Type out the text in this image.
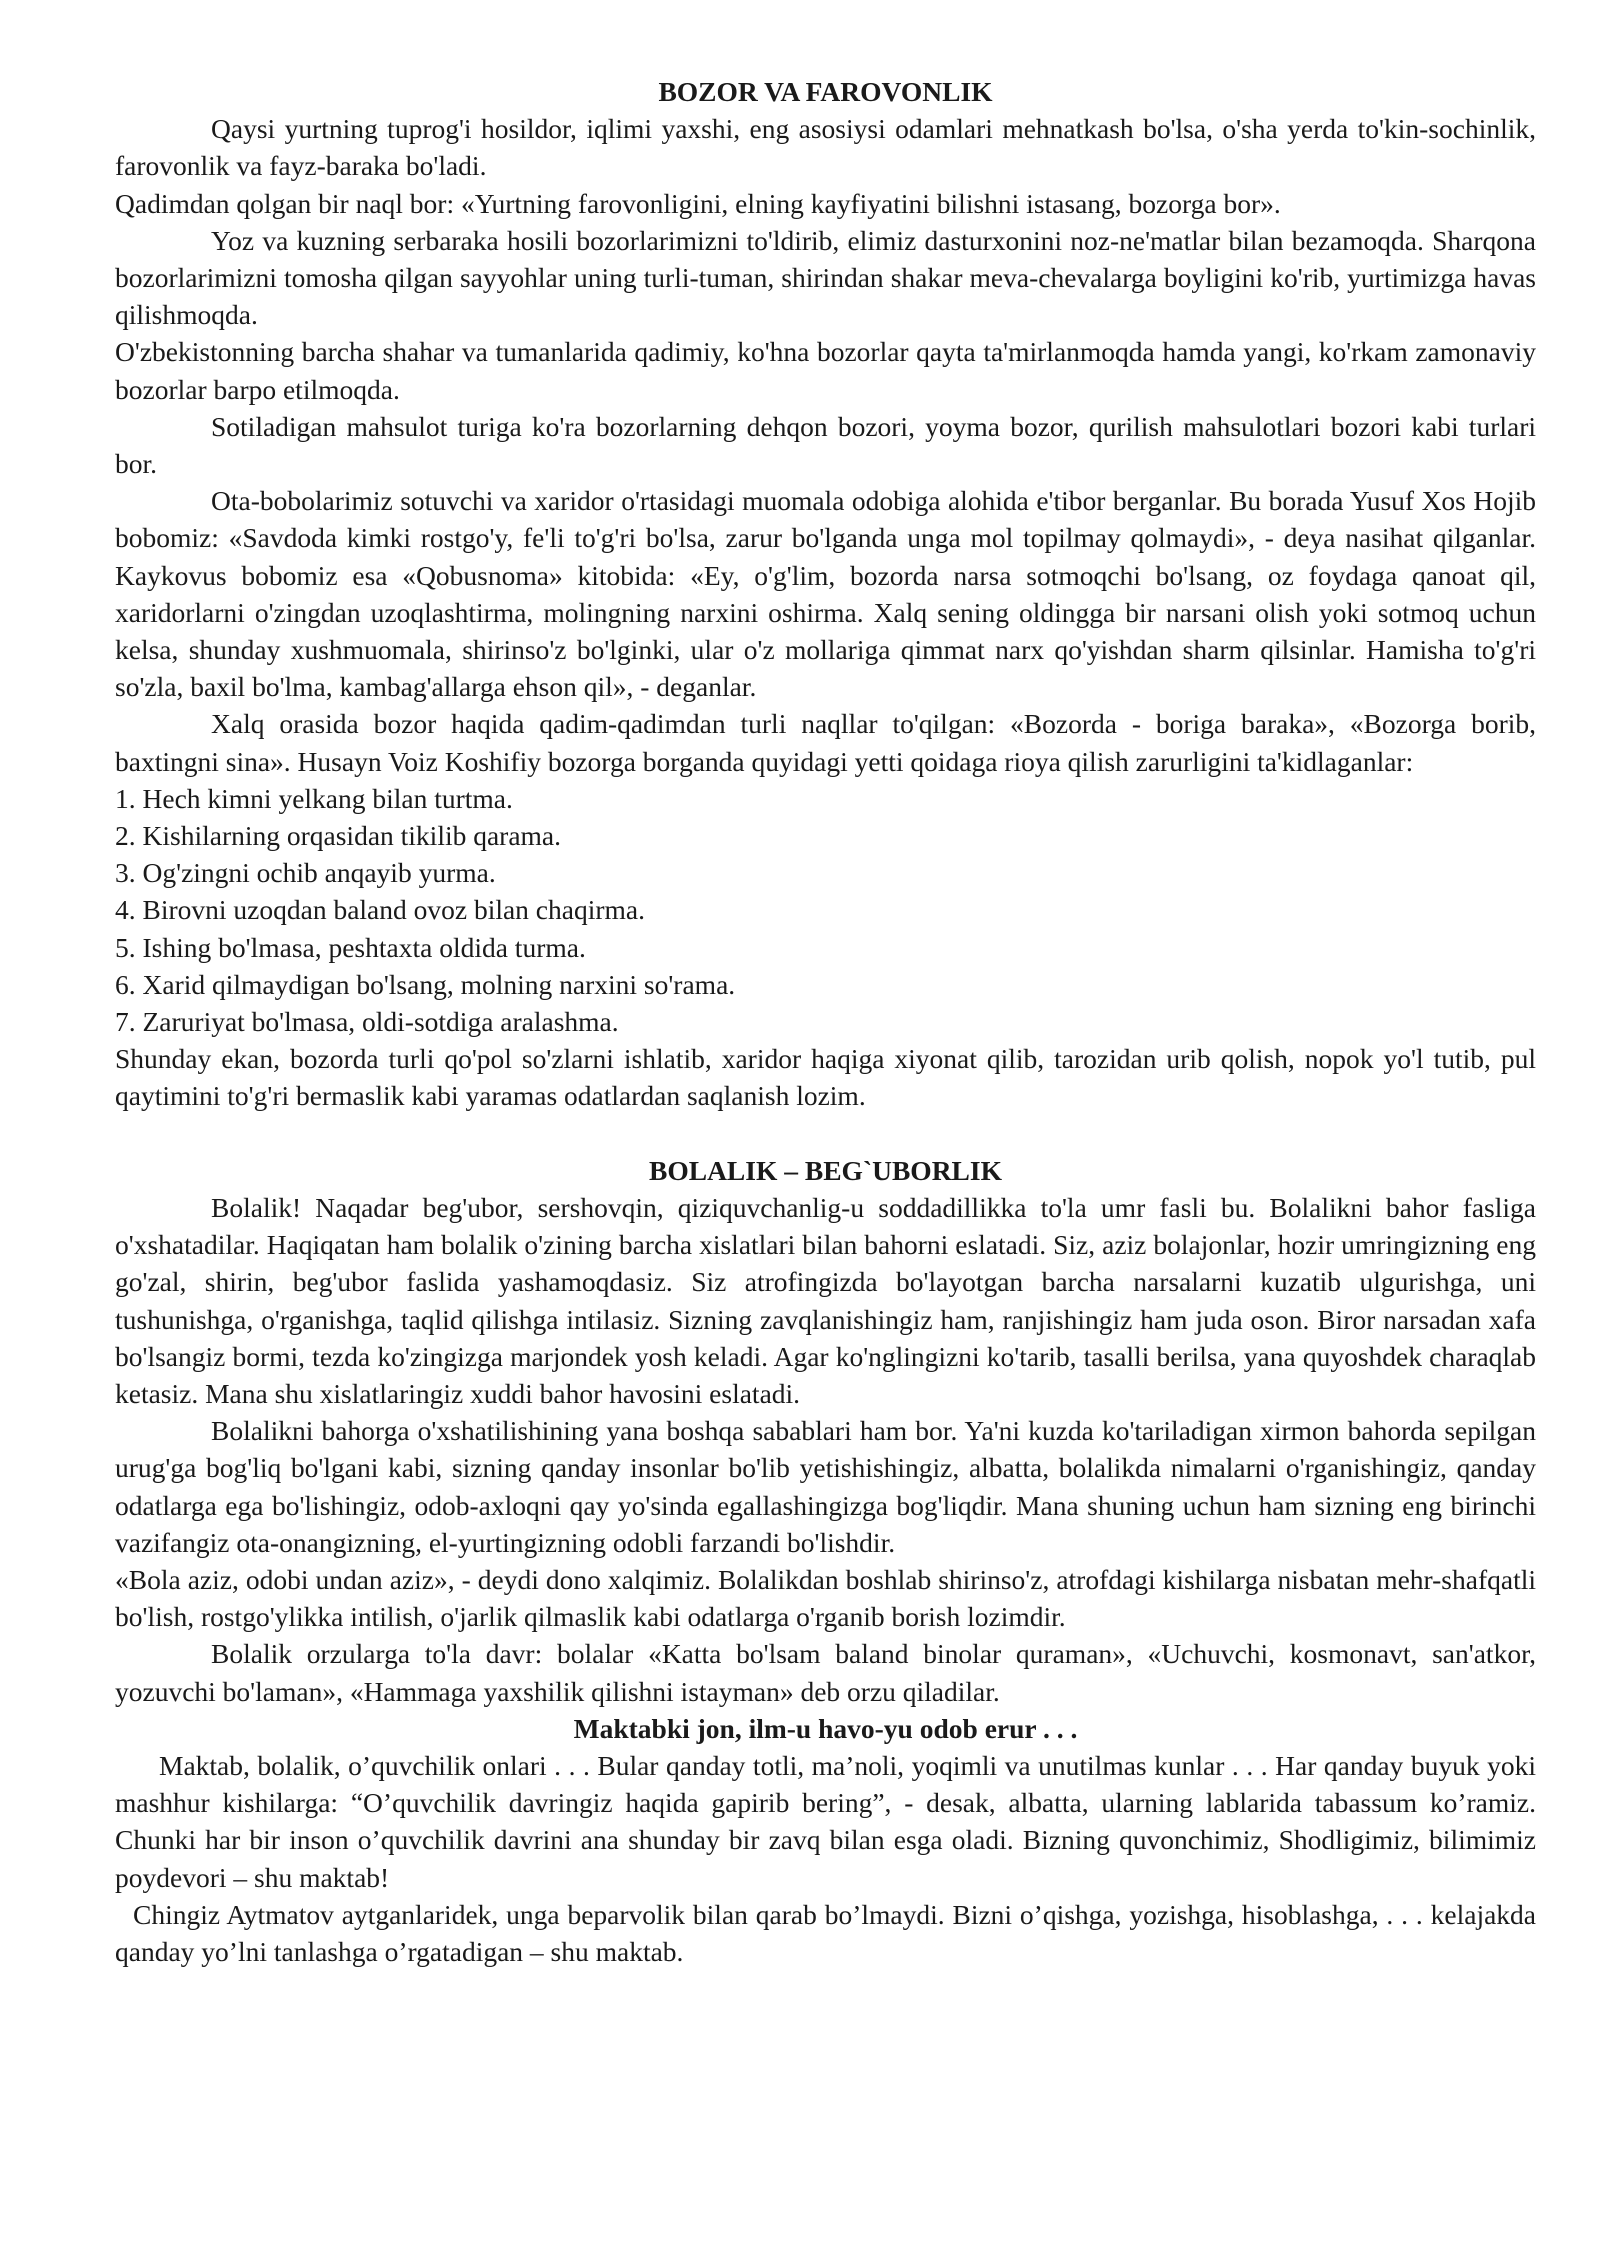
BOZOR VA FAROVONLIK

Qaysi yurtning tuprog'i hosildor, iqlimi yaxshi, eng asosiysi odamlari mehnatkash bo'lsa, o'sha yerda to'kin-sochinlik, farovonlik va fayz-baraka bo'ladi.

Qadimdan qolgan bir naql bor: «Yurtning farovonligini, elning kayfiyatini bilishni istasang, bozorga bor».

Yoz va kuzning serbaraka hosili bozorlarimizni to'ldirib, elimiz dasturxonini noz-ne'matlar bilan bezamoqda. Sharqona bozorlarimizni tomosha qilgan sayyohlar uning turli-tuman, shirindan shakar meva-chevalarga boyligini ko'rib, yurtimizga havas qilishmoqda.

O'zbekistonning barcha shahar va tumanlarida qadimiy, ko'hna bozorlar qayta ta'mirlanmoqda hamda yangi, ko'rkam zamonaviy bozorlar barpo etilmoqda.

Sotiladigan mahsulot turiga ko'ra bozorlarning dehqon bozori, yoyma bozor, qurilish mahsulotlari bozori kabi turlari bor.

Ota-bobolarimiz sotuvchi va xaridor o'rtasidagi muomala odobiga alohida e'tibor berganlar. Bu borada Yusuf Xos Hojib bobomiz: «Savdoda kimki rostgo'y, fe'li to'g'ri bo'lsa, zarur bo'lganda unga mol topilmay qolmaydi», - deya nasihat qilganlar. Kaykovus bobomiz esa «Qobusnoma» kitobida: «Ey, o'g'lim, bozorda narsa sotmoqchi bo'lsang, oz foydaga qanoat qil, xaridorlarni o'zingdan uzoqlashtirma, molingning narxini oshirma. Xalq sening oldingga bir narsani olish yoki sotmoq uchun kelsa, shunday xushmuomala, shirinso'z bo'lginki, ular o'z mollariga qimmat narx qo'yishdan sharm qilsinlar. Hamisha to'g'ri so'zla, baxil bo'lma, kambag'allarga ehson qil», - deganlar.

Xalq orasida bozor haqida qadim-qadimdan turli naqllar to'qilgan: «Bozorda - boriga baraka», «Bozorga borib, baxtingni sina». Husayn Voiz Koshifiy bozorga borganda quyidagi yetti qoidaga rioya qilish zarurligini ta'kidlaganlar:

1. Hech kimni yelkang bilan turtma.
2. Kishilarning orqasidan tikilib qarama.
3. Og'zingni ochib anqayib yurma.
4. Birovni uzoqdan baland ovoz bilan chaqirma.
5. Ishing bo'lmasa, peshtaxta oldida turma.
6. Xarid qilmaydigan bo'lsang, molning narxini so'rama.
7. Zaruriyat bo'lmasa, oldi-sotdiga aralashma.

Shunday ekan, bozorda turli qo'pol so'zlarni ishlatib, xaridor haqiga xiyonat qilib, tarozidan urib qolish, nopok yo'l tutib, pul qaytimini to'g'ri bermaslik kabi yaramas odatlardan saqlanish lozim.

BOLALIK – BEG`UBORLIK

Bolalik! Naqadar beg'ubor, sershovqin, qiziquvchanlig-u soddadillikka to'la umr fasli bu. Bolalikni bahor fasliga o'xshatadilar. Haqiqatan ham bolalik o'zining barcha xislatlari bilan bahorni eslatadi. Siz, aziz bolajonlar, hozir umringizning eng go'zal, shirin, beg'ubor faslida yashamoqdasiz. Siz atrofingizda bo'layotgan barcha narsalarni kuzatib ulgurishga, uni tushunishga, o'rganishga, taqlid qilishga intilasiz. Sizning zavqlanishingiz ham, ranjishingiz ham juda oson. Biror narsadan xafa bo'lsangiz bormi, tezda ko'zingizga marjondek yosh keladi. Agar ko'nglingizni ko'tarib, tasalli berilsa, yana quyoshdek charaqlab ketasiz. Mana shu xislatlaringiz xuddi bahor havosini eslatadi.

Bolalikni bahorga o'xshatilishining yana boshqa sabablari ham bor. Ya'ni kuzda ko'tariladigan xirmon bahorda sepilgan urug'ga bog'liq bo'lgani kabi, sizning qanday insonlar bo'lib yetishishingiz, albatta, bolalikda nimalarni o'rganishingiz, qanday odatlarga ega bo'lishingiz, odob-axloqni qay yo'sinda egallashingizga bog'liqdir. Mana shuning uchun ham sizning eng birinchi vazifangiz ota-onangizning, el-yurtingizning odobli farzandi bo'lishdir.

«Bola aziz, odobi undan aziz», - deydi dono xalqimiz. Bolalikdan boshlab shirinso'z, atrofdagi kishilarga nisbatan mehr-shafqatli bo'lish, rostgo'ylikka intilish, o'jarlik qilmaslik kabi odatlarga o'rganib borish lozimdir.

Bolalik orzularga to'la davr: bolalar «Katta bo'lsam baland binolar quraman», «Uchuvchi, kosmonavt, san'atkor, yozuvchi bo'laman», «Hammaga yaxshilik qilishni istayman» deb orzu qiladilar.

Maktabki jon, ilm-u havo-yu odob erur . . .

Maktab, bolalik, o’quvchilik onlari . . . Bular qanday totli, ma’noli, yoqimli va unutilmas kunlar . . . Har qanday buyuk yoki mashhur kishilarga: “O’quvchilik davringiz haqida gapirib bering”, - desak, albatta, ularning lablarida tabassum ko’ramiz. Chunki har bir inson o’quvchilik davrini ana shunday bir zavq bilan esga oladi. Bizning quvonchimiz, Shodligimiz, bilimimiz poydevori – shu maktab!

Chingiz Aytmatov aytganlaridek, unga beparvolik bilan qarab bo’lmaydi. Bizni o’qishga, yozishga, hisoblashga, . . . kelajakda qanday yo’lni tanlashga o’rgatadigan – shu maktab.
